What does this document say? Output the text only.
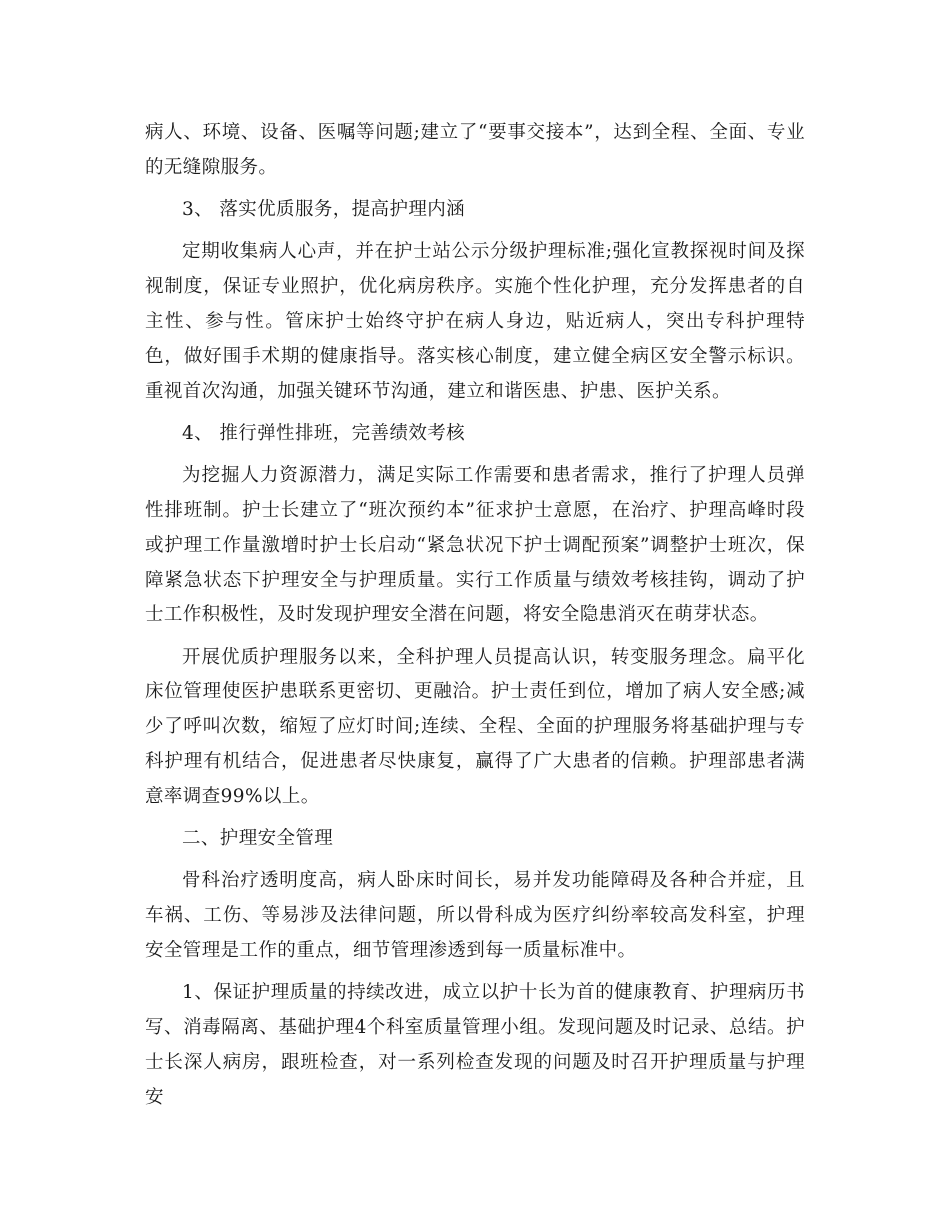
病人、环境、设备、医嘱等问题;建立了“要事交接本”，达到全程、全面、专业的无缝隙服务。

3、 落实优质服务，提高护理内涵

定期收集病人心声，并在护士站公示分级护理标准;强化宣教探视时间及探视制度，保证专业照护，优化病房秩序。实施个性化护理，充分发挥患者的自主性、参与性。管床护士始终守护在病人身边，贴近病人，突出专科护理特色，做好围手术期的健康指导。落实核心制度，建立健全病区安全警示标识。重视首次沟通，加强关键环节沟通，建立和谐医患、护患、医护关系。

4、 推行弹性排班，完善绩效考核

为挖掘人力资源潜力，满足实际工作需要和患者需求，推行了护理人员弹性排班制。护士长建立了“班次预约本”征求护士意愿，在治疗、护理高峰时段或护理工作量激增时护士长启动“紧急状况下护士调配预案”调整护士班次，保障紧急状态下护理安全与护理质量。实行工作质量与绩效考核挂钩，调动了护士工作积极性，及时发现护理安全潜在问题，将安全隐患消灭在萌芽状态。

开展优质护理服务以来，全科护理人员提高认识，转变服务理念。扁平化床位管理使医护患联系更密切、更融洽。护士责任到位，增加了病人安全感;减少了呼叫次数，缩短了应灯时间;连续、全程、全面的护理服务将基础护理与专科护理有机结合，促进患者尽快康复，赢得了广大患者的信赖。护理部患者满意率调查99%以上。

二、护理安全管理

骨科治疗透明度高，病人卧床时间长，易并发功能障碍及各种合并症，且车祸、工伤、等易涉及法律问题，所以骨科成为医疗纠纷率较高发科室，护理安全管理是工作的重点，细节管理渗透到每一质量标准中。

1、保证护理质量的持续改进，成立以护十长为首的健康教育、护理病历书写、消毒隔离、基础护理4个科室质量管理小组。发现问题及时记录、总结。护士长深人病房，跟班检查，对一系列检查发现的问题及时召开护理质量与护理安
